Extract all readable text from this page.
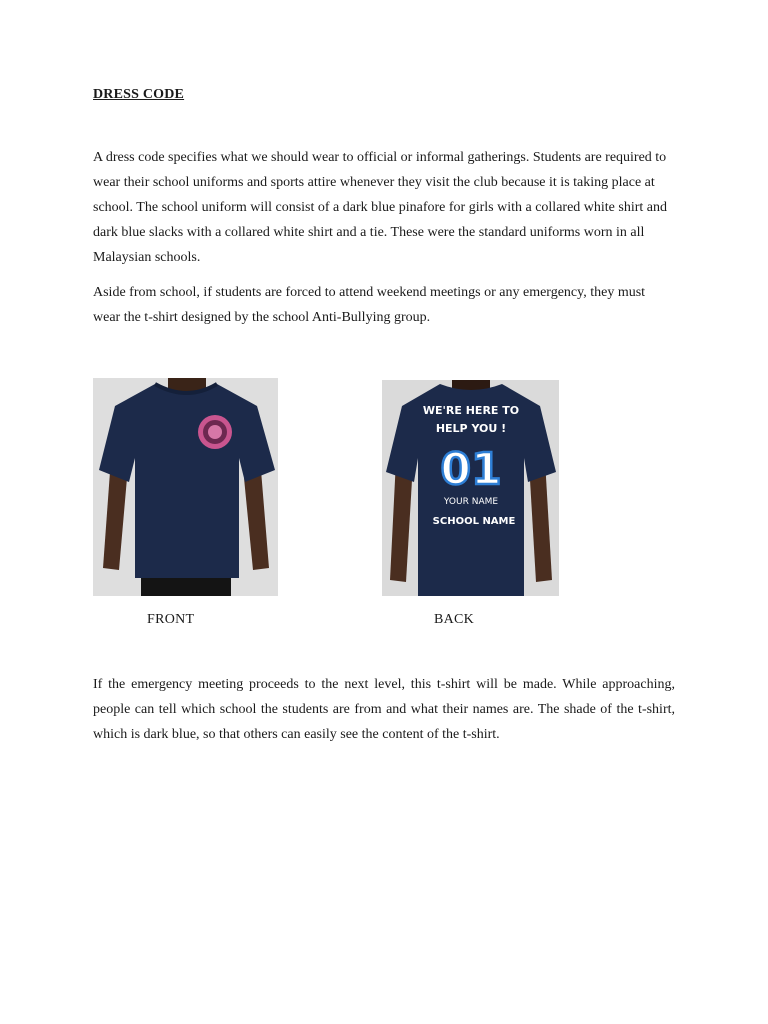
DRESS CODE

A dress code specifies what we should wear to official or informal gatherings. Students are required to wear their school uniforms and sports attire whenever they visit the club because it is taking place at school. The school uniform will consist of a dark blue pinafore for girls with a collared white shirt and dark blue slacks with a collared white shirt and a tie. These were the standard uniforms worn in all Malaysian schools.

Aside from school, if students are forced to attend weekend meetings or any emergency, they must wear the t-shirt designed by the school Anti-Bullying group.

WE'RE HERE TO
HELP YOU !
01
YOUR NAME
SCHOOL NAME
FRONT	BACK

If the emergency meeting proceeds to the next level, this t-shirt will be made. While approaching, people can tell which school the students are from and what their names are. The shade of the t-shirt, which is dark blue, so that others can easily see the content of the t-shirt.
